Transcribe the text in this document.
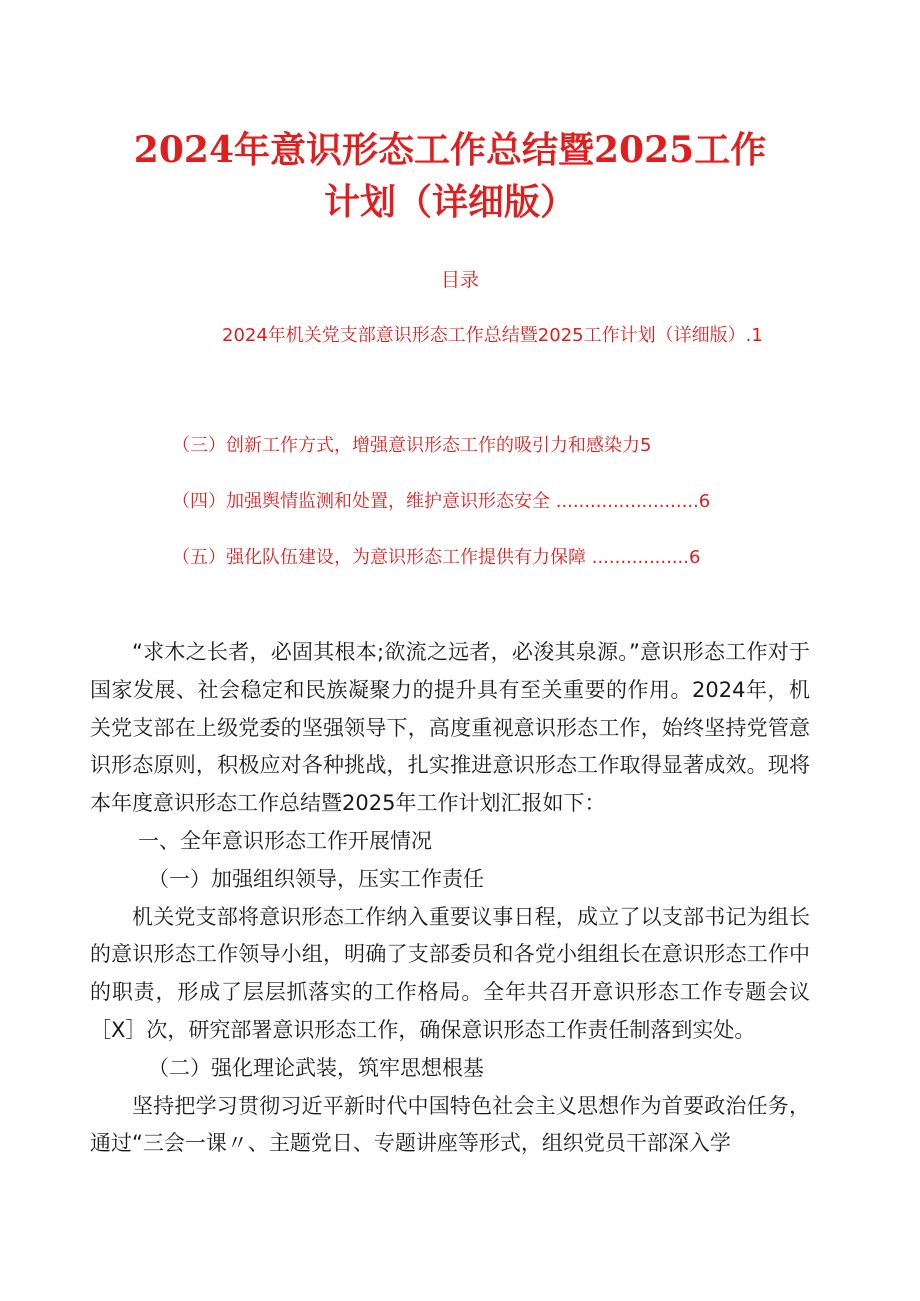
2024年意识形态工作总结暨2025工作
计划（详细版）
目录
2024年机关党支部意识形态工作总结暨2025工作计划（详细版）.1
（三）创新工作方式，增强意识形态工作的吸引力和感染力5
（四）加强舆情监测和处置，维护意识形态安全 .........................6
（五）强化队伍建设，为意识形态工作提供有力保障 .................6

“求木之长者，必固其根本;欲流之远者，必浚其泉源。”意识形态工作对于国家发展、社会稳定和民族凝聚力的提升具有至关重要的作用。2024年，机关党支部在上级党委的坚强领导下，高度重视意识形态工作，始终坚持党管意识形态原则，积极应对各种挑战，扎实推进意识形态工作取得显著成效。现将本年度意识形态工作总结暨2025年工作计划汇报如下：

一、全年意识形态工作开展情况

（一）加强组织领导，压实工作责任

机关党支部将意识形态工作纳入重要议事日程，成立了以支部书记为组长的意识形态工作领导小组，明确了支部委员和各党小组组长在意识形态工作中的职责，形成了层层抓落实的工作格局。全年共召开意识形态工作专题会议［X］次，研究部署意识形态工作，确保意识形态工作责任制落到实处。

（二）强化理论武装，筑牢思想根基

坚持把学习贯彻习近平新时代中国特色社会主义思想作为首要政治任务，通过“三会一课〃、主题党日、专题讲座等形式，组织党员干部深入学
